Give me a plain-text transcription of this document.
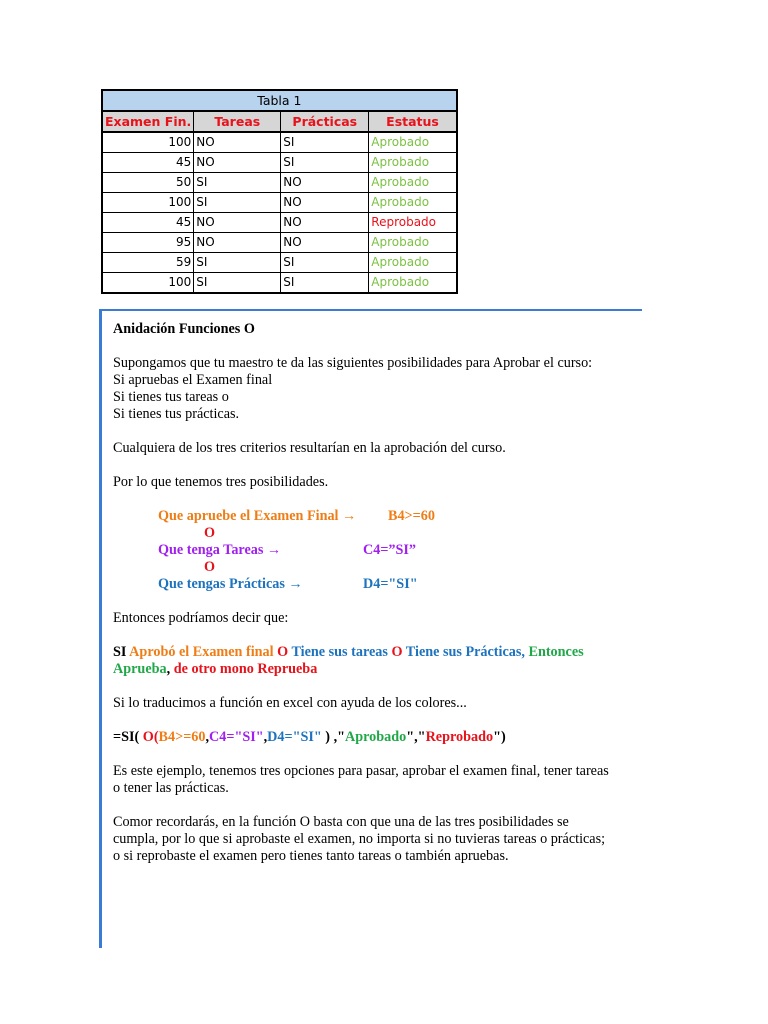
Tabla 1			
Examen Fin.	Tareas	Prácticas	Estatus
100	NO	SI	Aprobado
45	NO	SI	Aprobado
50	SI	NO	Aprobado
100	SI	NO	Aprobado
45	NO	NO	Reprobado
95	NO	NO	Aprobado
59	SI	SI	Aprobado
100	SI	SI	Aprobado

Anidación Funciones O

Supongamos que tu maestro te da las siguientes posibilidades para Aprobar el curso:
Si apruebas el Examen final
Si tienes tus tareas o
Si tienes tus prácticas.

Cualquiera de los tres criterios resultarían en la aprobación del curso.

Por lo que tenemos tres posibilidades.

Que apruebe el Examen Final → B4>=60
O
Que tenga Tareas →	C4=”SI”
O
Que tengas Prácticas →	D4="SI"

Entonces podríamos decir que:

SI Aprobó el Examen final O Tiene sus tareas O Tiene sus Prácticas, Entonces Aprueba, de otro mono Reprueba

Si lo traducimos a función en excel con ayuda de los colores...

=SI( O(B4>=60,C4="SI",D4="SI" ) ,"Aprobado","Reprobado")

Es este ejemplo, tenemos tres opciones para pasar, aprobar el examen final, tener tareas
o tener las prácticas.

Comor recordarás, en la función O basta con que una de las tres posibilidades se
cumpla, por lo que si aprobaste el examen, no importa si no tuvieras tareas o prácticas;
o si reprobaste el examen pero tienes tanto tareas o también apruebas.
